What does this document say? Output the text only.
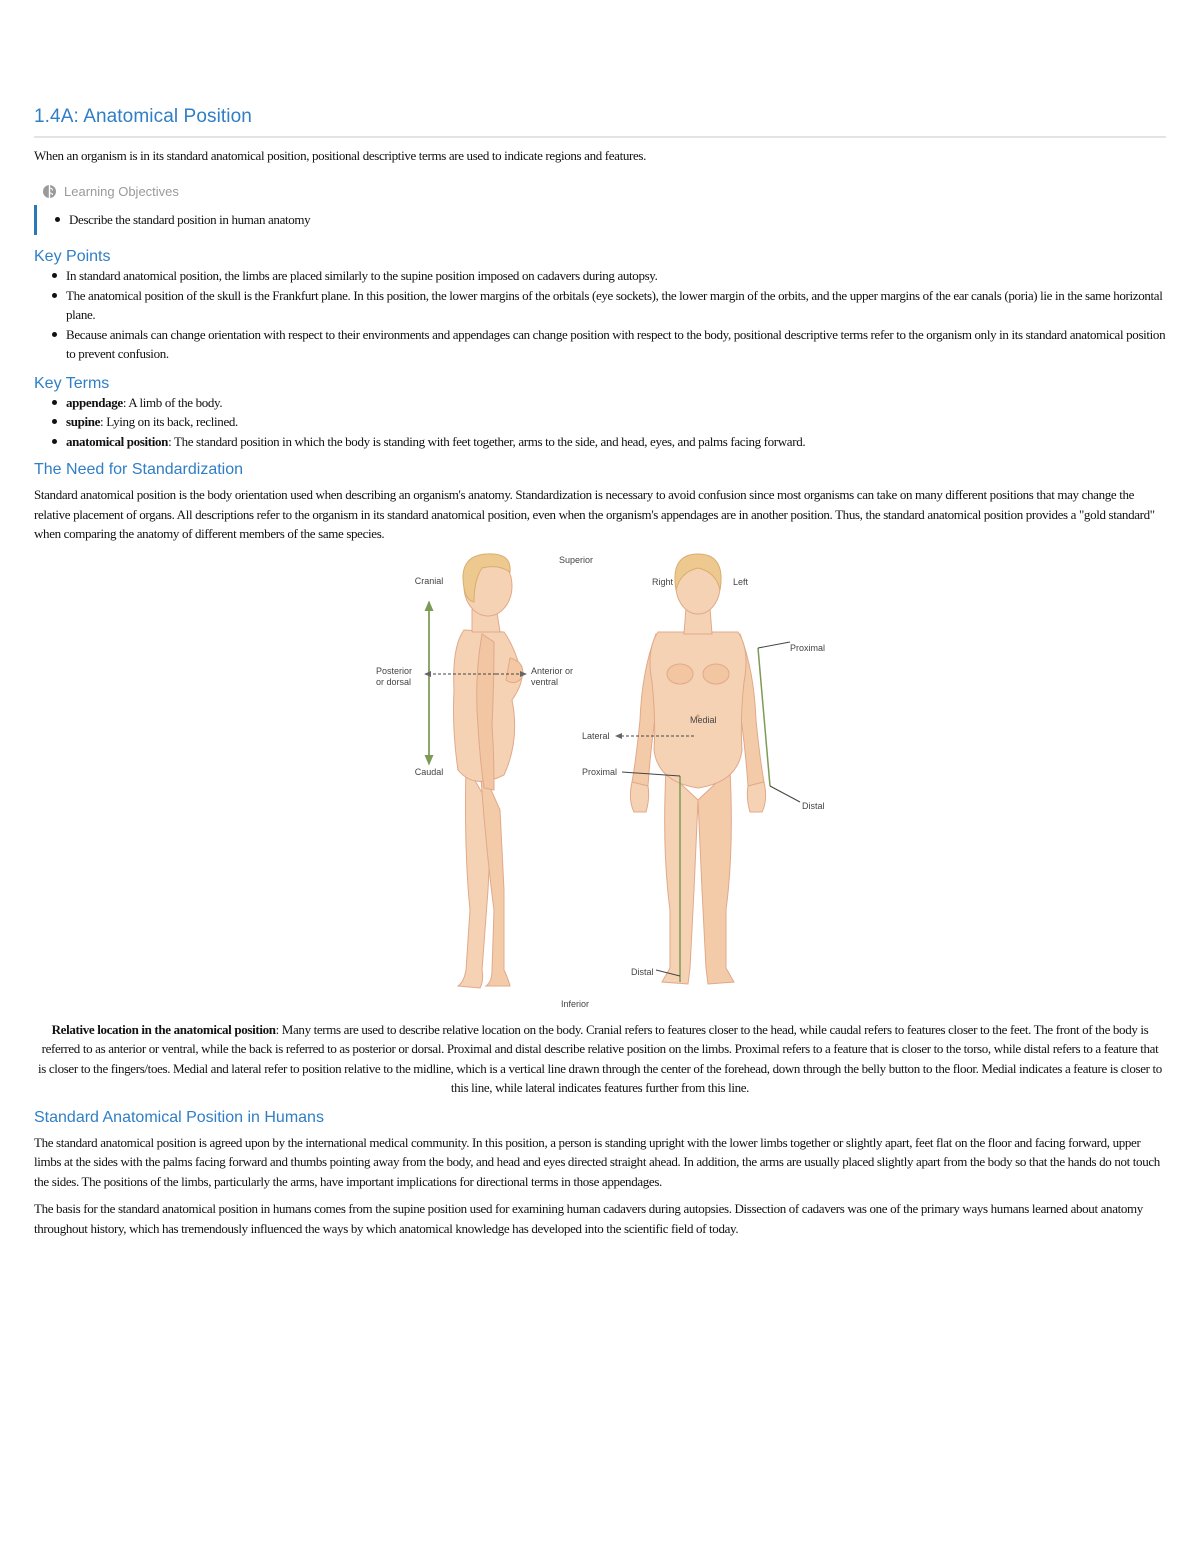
1.4A: Anatomical Position

When an organism is in its standard anatomical position, positional descriptive terms are used to indicate regions and features.

Learning Objectives
Describe the standard position in human anatomy
Key Points
In standard anatomical position, the limbs are placed similarly to the supine position imposed on cadavers during autopsy.
The anatomical position of the skull is the Frankfurt plane. In this position, the lower margins of the orbitals (eye sockets), the lower margin of the orbits, and the upper margins of the ear canals (poria) lie in the same horizontal plane.
Because animals can change orientation with respect to their environments and appendages can change position with respect to the body, positional descriptive terms refer to the organism only in its standard anatomical position to prevent confusion.
Key Terms
appendage: A limb of the body.
supine: Lying on its back, reclined.
anatomical position: The standard position in which the body is standing with feet together, arms to the side, and head, eyes, and palms facing forward.
The Need for Standardization

Standard anatomical position is the body orientation used when describing an organism's anatomy. Standardization is necessary to avoid confusion since most organisms can take on many different positions that may change the relative placement of organs. All descriptions refer to the organism in its standard anatomical position, even when the organism's appendages are in another position. Thus, the standard anatomical position provides a "gold standard" when comparing the anatomy of different members of the same species.

Superior
Inferior
Cranial
Caudal
Posterior
or dorsal
Anterior or
ventral
Right	Left
Proximal
Medial
Lateral
Proximal
Distal
Distal

Relative location in the anatomical position: Many terms are used to describe relative location on the body. Cranial refers to features closer to the head, while caudal refers to features closer to the feet. The front of the body is referred to as anterior or ventral, while the back is referred to as posterior or dorsal. Proximal and distal describe relative position on the limbs. Proximal refers to a feature that is closer to the torso, while distal refers to a feature that is closer to the fingers/toes. Medial and lateral refer to position relative to the midline, which is a vertical line drawn through the center of the forehead, down through the belly button to the floor. Medial indicates a feature is closer to this line, while lateral indicates features further from this line.

Standard Anatomical Position in Humans

The standard anatomical position is agreed upon by the international medical community. In this position, a person is standing upright with the lower limbs together or slightly apart, feet flat on the floor and facing forward, upper limbs at the sides with the palms facing forward and thumbs pointing away from the body, and head and eyes directed straight ahead. In addition, the arms are usually placed slightly apart from the body so that the hands do not touch the sides. The positions of the limbs, particularly the arms, have important implications for directional terms in those appendages.

The basis for the standard anatomical position in humans comes from the supine position used for examining human cadavers during autopsies. Dissection of cadavers was one of the primary ways humans learned about anatomy throughout history, which has tremendously influenced the ways by which anatomical knowledge has developed into the scientific field of today.
